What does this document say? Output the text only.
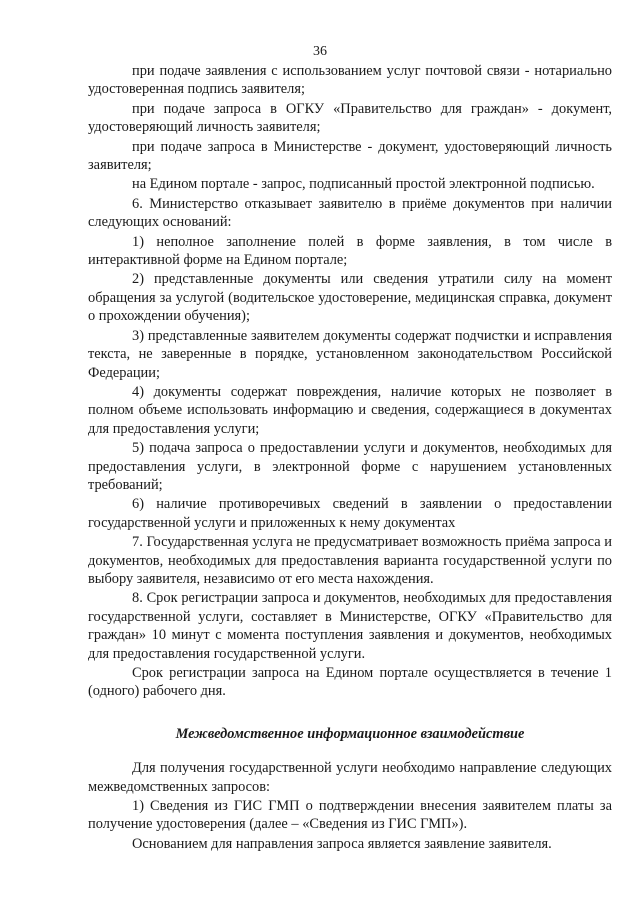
36

при подаче заявления с использованием услуг почтовой связи - нотариально удостоверенная подпись заявителя;

при подаче запроса в ОГКУ «Правительство для граждан» - документ, удостоверяющий личность заявителя;

при подаче запроса в Министерстве - документ, удостоверяющий личность заявителя;

на Едином портале - запрос, подписанный простой электронной подписью.

6. Министерство отказывает заявителю в приёме документов при наличии следующих оснований:

1) неполное заполнение полей в форме заявления, в том числе в интерактивной форме на Едином портале;

2) представленные документы или сведения утратили силу на момент обращения за услугой (водительское удостоверение, медицинская справка, документ о прохождении обучения);

3) представленные заявителем документы содержат подчистки и исправления текста, не заверенные в порядке, установленном законодательством Российской Федерации;

4) документы содержат повреждения, наличие которых не позволяет в полном объеме использовать информацию и сведения, содержащиеся в документах для предоставления услуги;

5) подача запроса о предоставлении услуги и документов, необходимых для предоставления услуги, в электронной форме с нарушением установленных требований;

6) наличие противоречивых сведений в заявлении о предоставлении государственной услуги и приложенных к нему документах

7. Государственная услуга не предусматривает возможность приёма запроса и документов, необходимых для предоставления варианта государственной услуги по выбору заявителя, независимо от его места нахождения.

8. Срок регистрации запроса и документов, необходимых для предоставления государственной услуги, составляет в Министерстве, ОГКУ «Правительство для граждан» 10 минут с момента поступления заявления и документов, необходимых для предоставления государственной услуги.

Срок регистрации запроса на Едином портале осуществляется в течение 1 (одного) рабочего дня.

Межведомственное информационное взаимодействие

Для получения государственной услуги необходимо направление следующих межведомственных запросов:

1) Сведения из ГИС ГМП о подтверждении внесения заявителем платы за получение удостоверения (далее – «Сведения из ГИС ГМП»).

Основанием для направления запроса является заявление заявителя.
